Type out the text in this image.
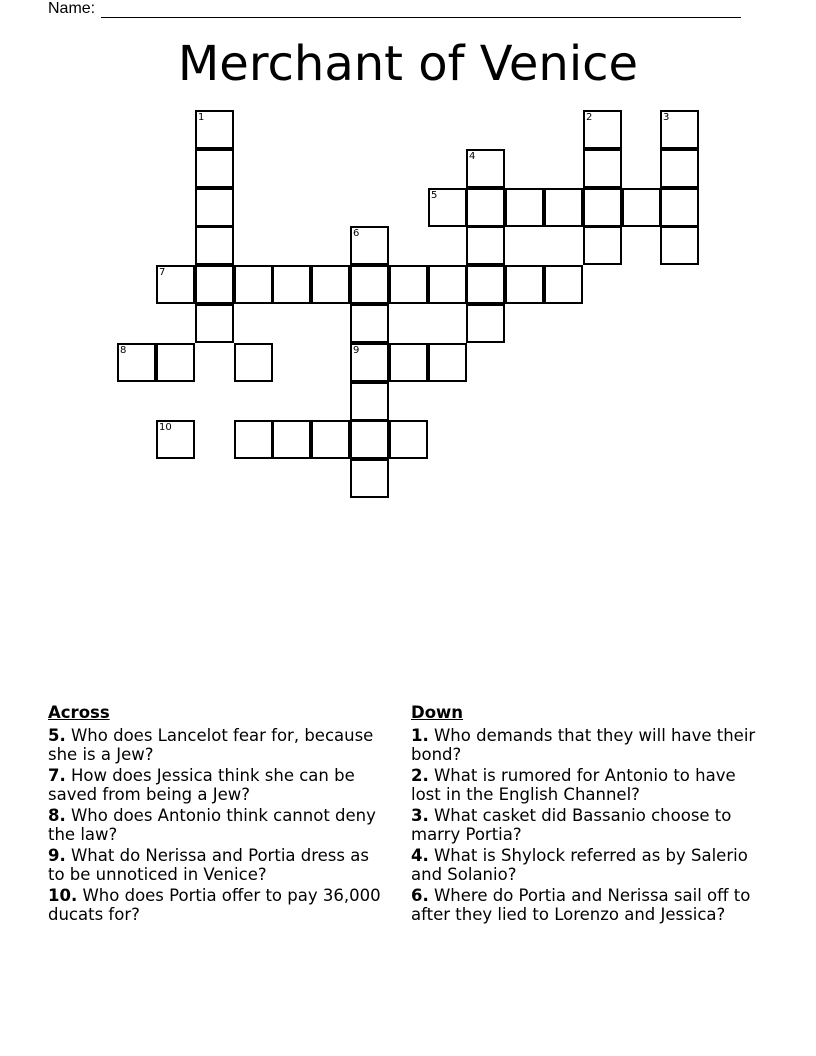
Name:
Merchant of Venice
1	2	3
4
5
6
9
7
8
10
Across
5. Who does Lancelot fear for, because she is a Jew?
7. How does Jessica think she can be saved from being a Jew?
8. Who does Antonio think cannot deny the law?
9. What do Nerissa and Portia dress as to be unnoticed in Venice?
10. Who does Portia offer to pay 36,000 ducats for?
Down
1. Who demands that they will have their bond?
2. What is rumored for Antonio to have lost in the English Channel?
3. What casket did Bassanio choose to marry Portia?
4. What is Shylock referred as by Salerio and Solanio?
6. Where do Portia and Nerissa sail off to after they lied to Lorenzo and Jessica?
